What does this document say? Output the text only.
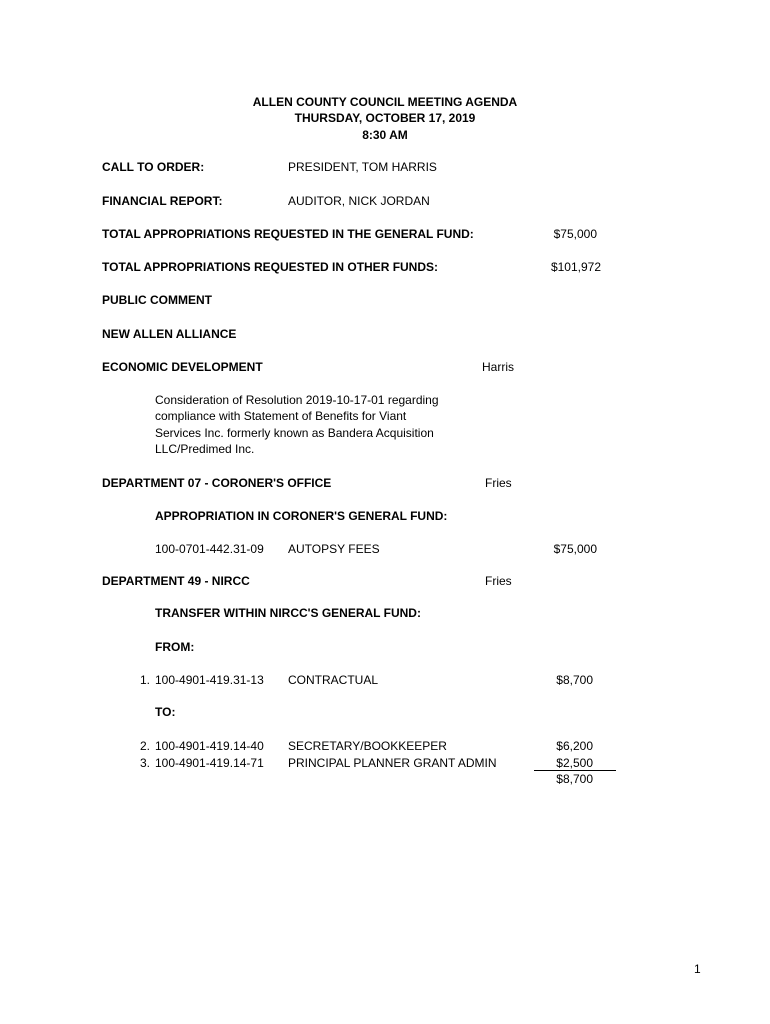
ALLEN COUNTY COUNCIL MEETING AGENDA
THURSDAY, OCTOBER 17, 2019
8:30 AM
CALL TO ORDER:	PRESIDENT, TOM HARRIS
FINANCIAL REPORT:	AUDITOR, NICK JORDAN
TOTAL APPROPRIATIONS REQUESTED IN THE GENERAL FUND:	$75,000
TOTAL APPROPRIATIONS REQUESTED IN OTHER FUNDS:	$101,972
PUBLIC COMMENT
NEW ALLEN ALLIANCE
ECONOMIC DEVELOPMENT	Harris
Consideration of Resolution 2019-10-17-01 regarding
compliance with Statement of Benefits for Viant
Services Inc. formerly known as Bandera Acquisition
LLC/Predimed Inc.
DEPARTMENT 07 - CORONER'S OFFICE	Fries
APPROPRIATION IN CORONER'S GENERAL FUND:
100-0701-442.31-09 AUTOPSY FEES	$75,000
DEPARTMENT 49 - NIRCC	Fries
TRANSFER WITHIN NIRCC'S GENERAL FUND:
FROM:
1. 100-4901-419.31-13 CONTRACTUAL	$8,700
TO:
2. 100-4901-419.14-40 SECRETARY/BOOKKEEPER	$6,200
3. 100-4901-419.14-71 PRINCIPAL PLANNER GRANT ADMIN	$2,500
$8,700
1
